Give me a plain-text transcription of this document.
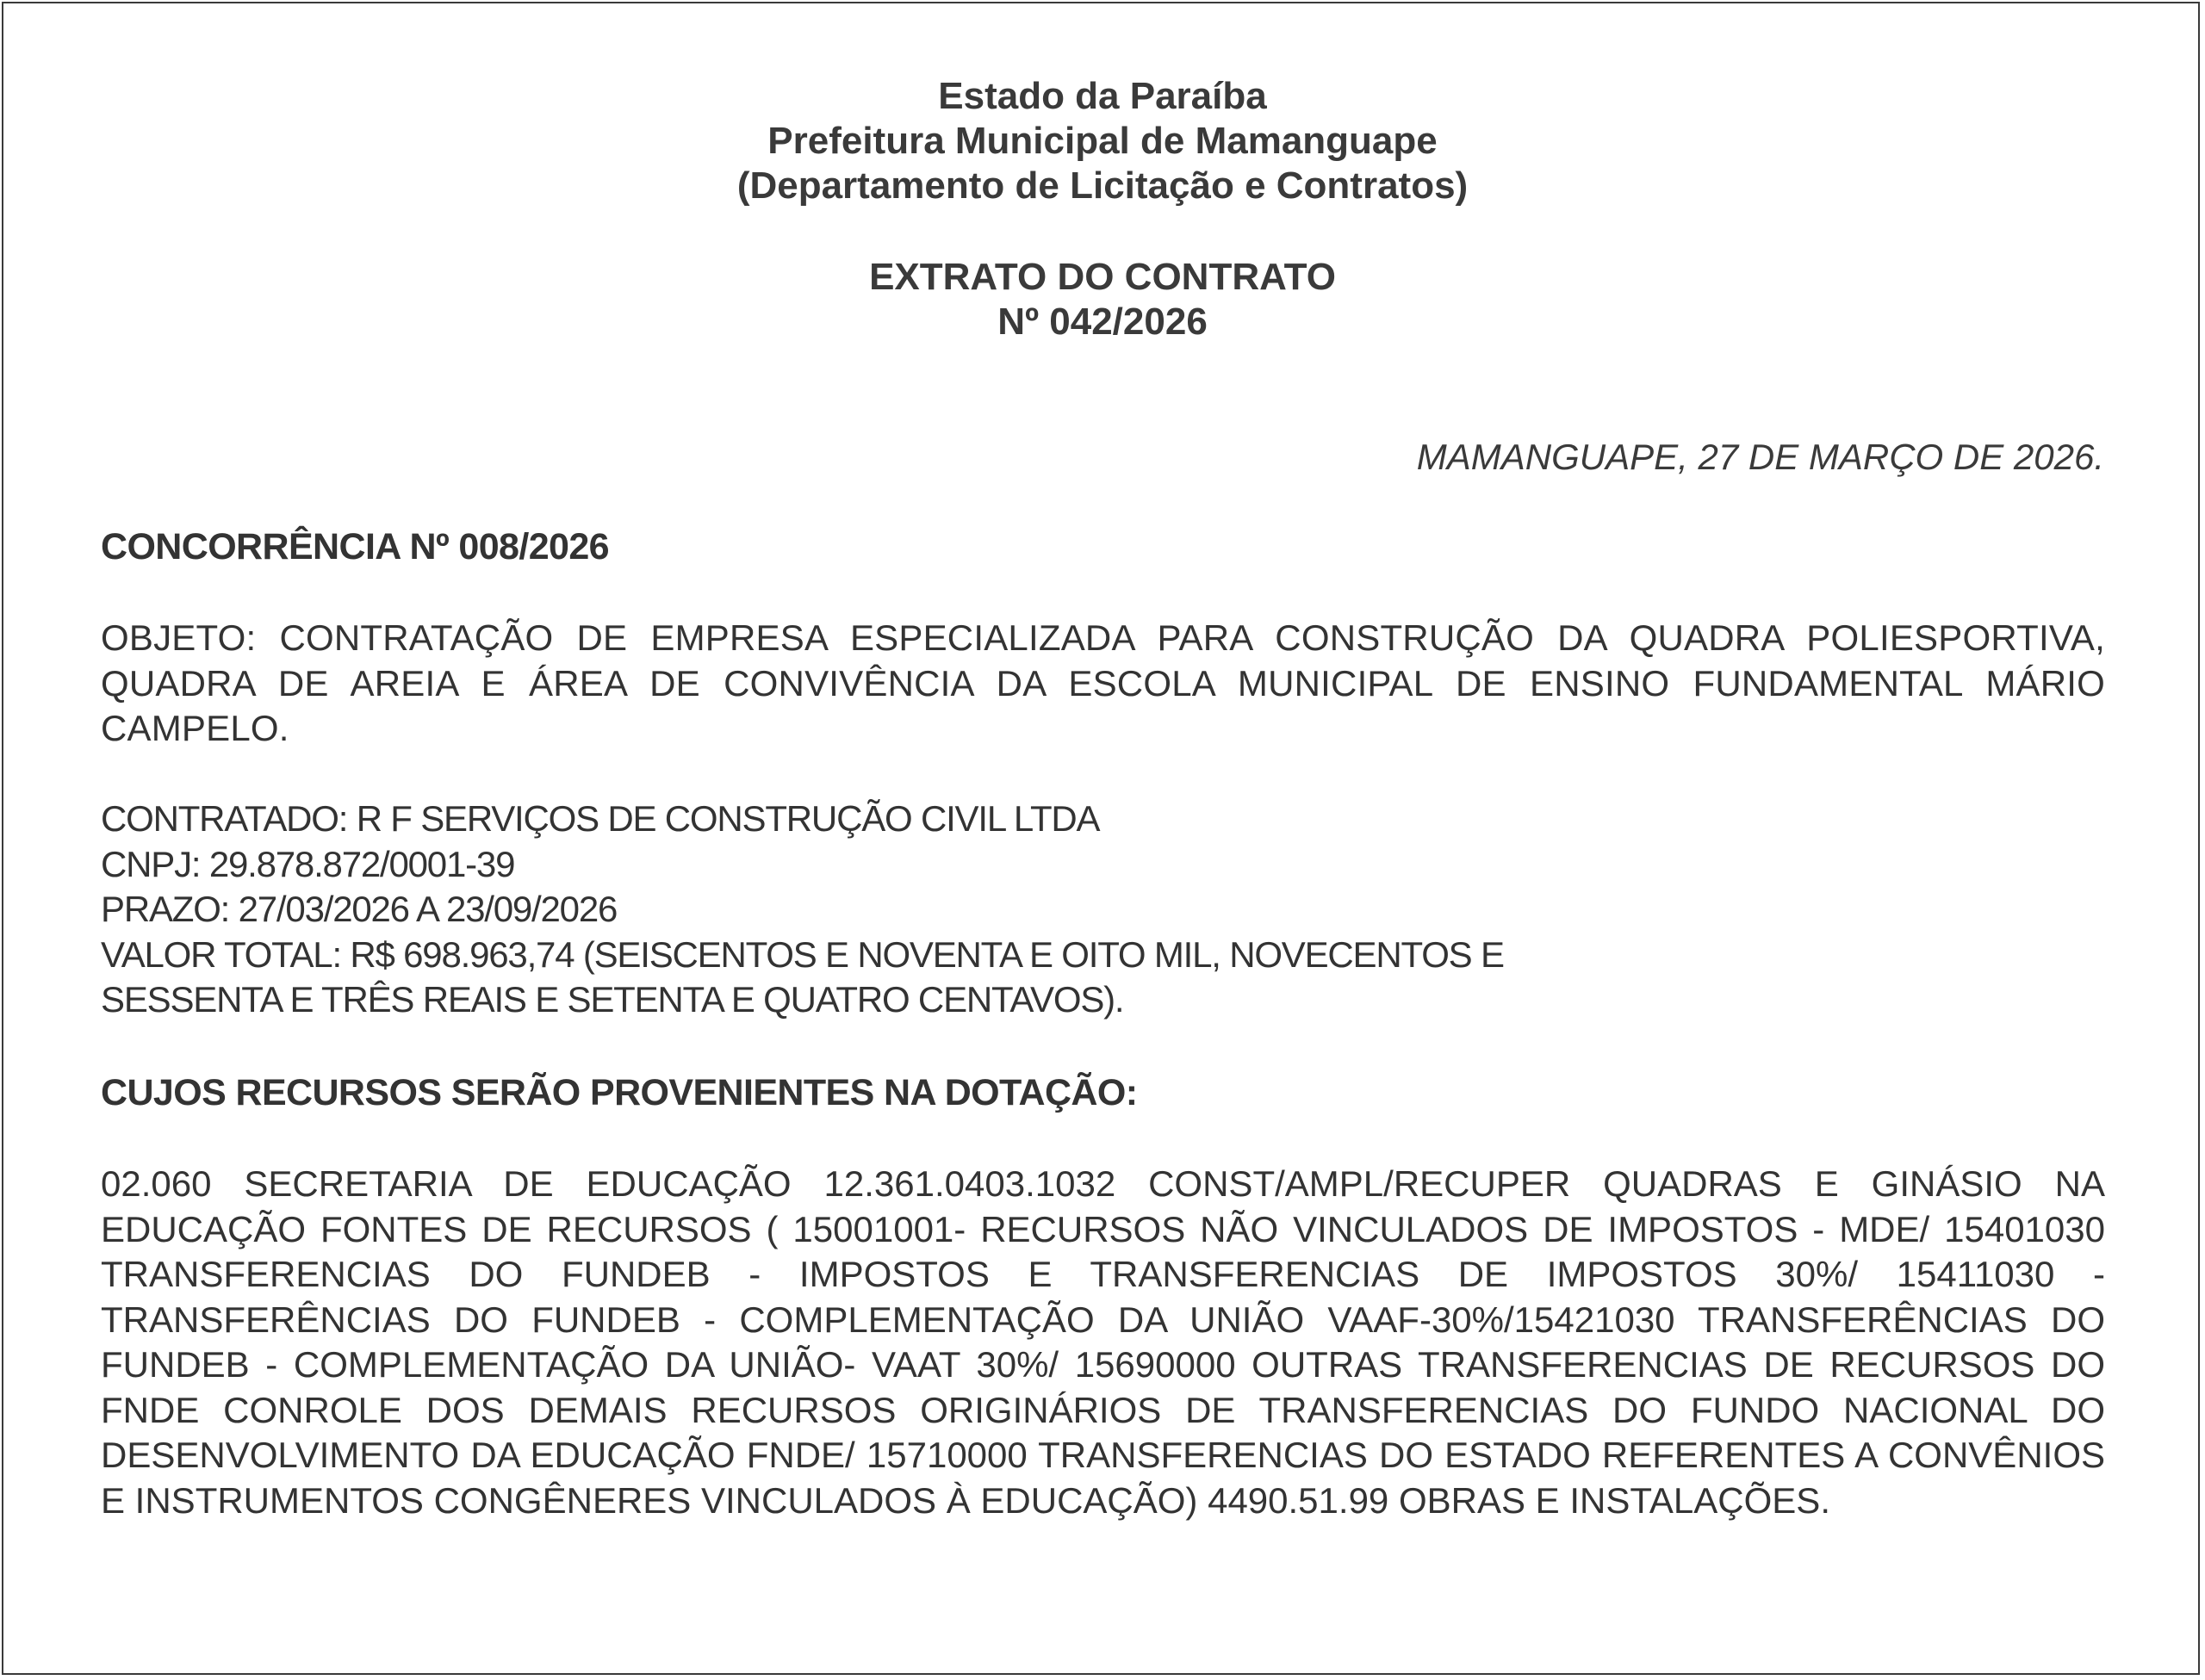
Estado da Paraíba
Prefeitura Municipal de Mamanguape
(Departamento de Licitação e Contratos)
EXTRATO DO CONTRATO
Nº 042/2026
MAMANGUAPE, 27 DE MARÇO DE 2026.
CONCORRÊNCIA Nº 008/2026
OBJETO: CONTRATAÇÃO DE EMPRESA ESPECIALIZADA PARA CONSTRUÇÃO DA QUADRA POLIESPORTIVA, QUADRA DE AREIA E ÁREA DE CONVIVÊNCIA DA ESCOLA MUNICIPAL DE ENSINO FUNDAMENTAL MÁRIO CAMPELO.
CONTRATADO: R F SERVIÇOS DE CONSTRUÇÃO CIVIL LTDA
CNPJ: 29.878.872/0001-39
PRAZO: 27/03/2026 A 23/09/2026
VALOR TOTAL: R$ 698.963,74 (SEISCENTOS E NOVENTA E OITO MIL, NOVECENTOS E
SESSENTA E TRÊS REAIS E SETENTA E QUATRO CENTAVOS).
CUJOS RECURSOS SERÃO PROVENIENTES NA DOTAÇÃO:
02.060 SECRETARIA DE EDUCAÇÃO 12.361.0403.1032 CONST/AMPL/RECUPER QUADRAS E GINÁSIO NA EDUCAÇÃO FONTES DE RECURSOS ( 15001001- RECURSOS NÃO VINCULADOS DE IMPOSTOS - MDE/ 15401030 TRANSFERENCIAS DO FUNDEB - IMPOSTOS E TRANSFERENCIAS DE IMPOSTOS 30%/ 15411030 - TRANSFERÊNCIAS DO FUNDEB - COMPLEMENTAÇÃO DA UNIÃO VAAF-30%/15421030 TRANSFERÊNCIAS DO FUNDEB - COMPLEMENTAÇÃO DA UNIÃO- VAAT 30%/ 15690000 OUTRAS TRANSFERENCIAS DE RECURSOS DO FNDE CONROLE DOS DEMAIS RECURSOS ORIGINÁRIOS DE TRANSFERENCIAS DO FUNDO NACIONAL DO DESENVOLVIMENTO DA EDUCAÇÃO FNDE/ 15710000 TRANSFERENCIAS DO ESTADO REFERENTES A CONVÊNIOS E INSTRUMENTOS CONGÊNERES VINCULADOS À EDUCAÇÃO) 4490.51.99 OBRAS E INSTALAÇÕES.
